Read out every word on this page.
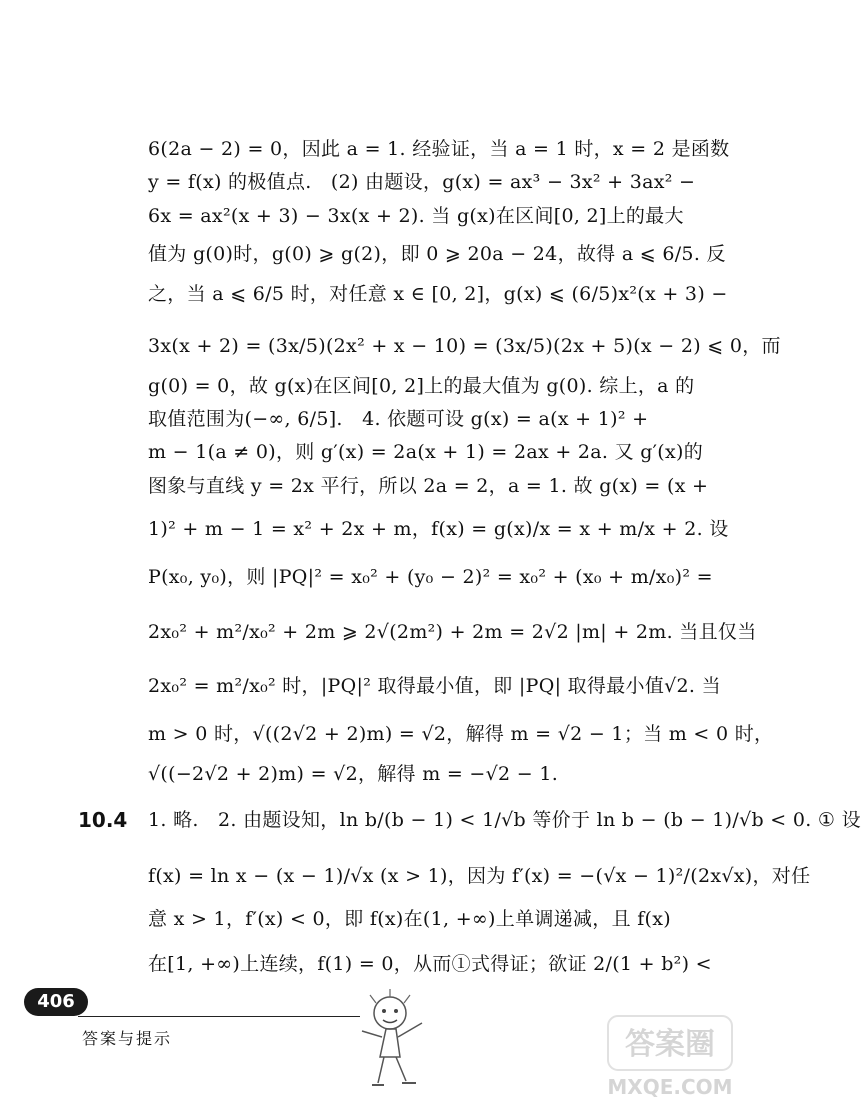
6(2a − 2) = 0，因此 a = 1. 经验证，当 a = 1 时，x = 2 是函数
y = f(x) 的极值点.　(2) 由题设，g(x) = ax³ − 3x² + 3ax² −
6x = ax²(x + 3) − 3x(x + 2). 当 g(x)在区间[0, 2]上的最大
值为 g(0)时，g(0) ⩾ g(2)，即 0 ⩾ 20a − 24，故得 a ⩽ 6/5. 反
之，当 a ⩽ 6/5 时，对任意 x ∈ [0, 2]，g(x) ⩽ (6/5)x²(x + 3) −
3x(x + 2) = (3x/5)(2x² + x − 10) = (3x/5)(2x + 5)(x − 2) ⩽ 0，而
g(0) = 0，故 g(x)在区间[0, 2]上的最大值为 g(0). 综上，a 的
取值范围为(−∞, 6/5].　4. 依题可设 g(x) = a(x + 1)² +
m − 1(a ≠ 0)，则 g′(x) = 2a(x + 1) = 2ax + 2a. 又 g′(x)的
图象与直线 y = 2x 平行，所以 2a = 2，a = 1. 故 g(x) = (x +
1)² + m − 1 = x² + 2x + m，f(x) = g(x)/x = x + m/x + 2. 设
P(x₀, y₀)，则 |PQ|² = x₀² + (y₀ − 2)² = x₀² + (x₀ + m/x₀)² =
2x₀² + m²/x₀² + 2m ⩾ 2√(2m²) + 2m = 2√2 |m| + 2m. 当且仅当
2x₀² = m²/x₀² 时，|PQ|² 取得最小值，即 |PQ| 取得最小值√2. 当
m > 0 时，√((2√2 + 2)m) = √2，解得 m = √2 − 1；当 m < 0 时，
√((−2√2 + 2)m) = √2，解得 m = −√2 − 1.
10.4 1. 略.　2. 由题设知，ln b/(b − 1) < 1/√b 等价于 ln b − (b − 1)/√b < 0. ① 设
f(x) = ln x − (x − 1)/√x (x > 1)，因为 f′(x) = −(√x − 1)²/(2x√x)，对任
意 x > 1，f′(x) < 0，即 f(x)在(1, +∞)上单调递减，且 f(x)
在[1, +∞)上连续，f(1) = 0，从而①式得证；欲证 2/(1 + b²) <
406
答案与提示	答案圈
MXQE.COM
